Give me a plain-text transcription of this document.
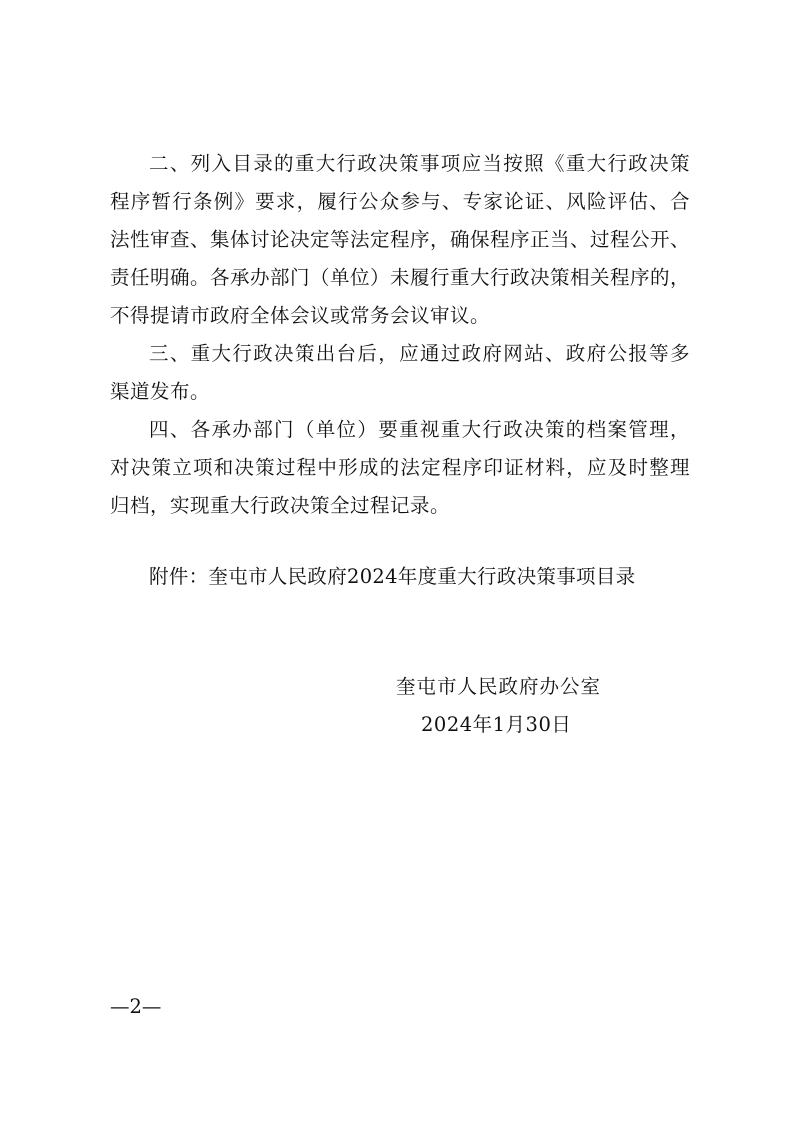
二、列入目录的重大行政决策事项应当按照《重大行政决策
程序暂行条例》要求，履行公众参与、专家论证、风险评估、合
法性审查、集体讨论决定等法定程序，确保程序正当、过程公开、
责任明确。各承办部门（单位）未履行重大行政决策相关程序的，
不得提请市政府全体会议或常务会议审议。
三、重大行政决策出台后，应通过政府网站、政府公报等多
渠道发布。
四、各承办部门（单位）要重视重大行政决策的档案管理，
对决策立项和决策过程中形成的法定程序印证材料，应及时整理
归档，实现重大行政决策全过程记录。
附件：奎屯市人民政府2024年度重大行政决策事项目录
奎屯市人民政府办公室
2024年1月30日
—2—
